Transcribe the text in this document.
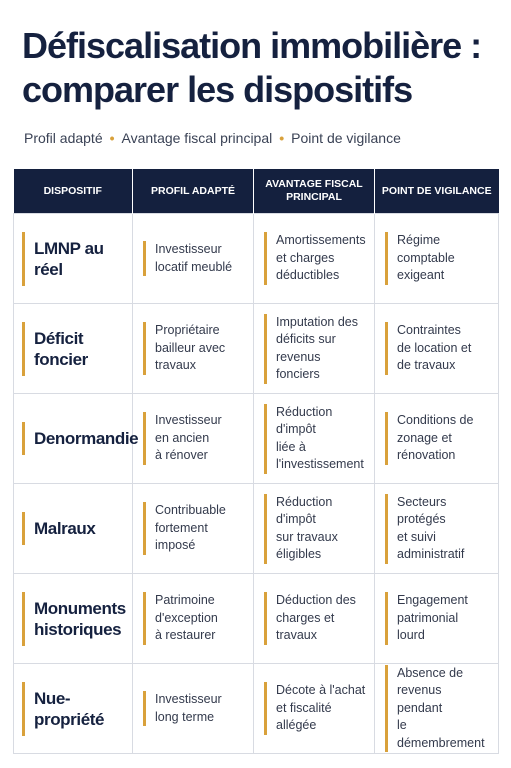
Défiscalisation immobilière : comparer les dispositifs
Profil adapté • Avantage fiscal principal • Point de vigilance
DISPOSITIF	PROFIL ADAPTÉ	AVANTAGE FISCAL PRINCIPAL	POINT DE VIGILANCE

LMNP au réel	Investisseur
locatif meublé	Amortissements
et charges
déductibles	Régime comptable
exigeant

Déficit foncier	Propriétaire
bailleur avec
travaux	Imputation des
déficits sur
revenus fonciers	Contraintes
de location et
de travaux

Denormandie	Investisseur
en ancien
à rénover	Réduction d'impôt
liée à
l'investissement	Conditions de
zonage et
rénovation

Malraux	Contribuable
fortement imposé	Réduction d'impôt
sur travaux
éligibles	Secteurs protégés
et suivi
administratif

Monuments
historiques	Patrimoine
d'exception
à restaurer	Déduction des
charges et
travaux	Engagement
patrimonial
lourd

Nue-propriété	Investisseur
long terme	Décote à l'achat
et fiscalité
allégée	Absence de
revenus pendant
le démembrement
